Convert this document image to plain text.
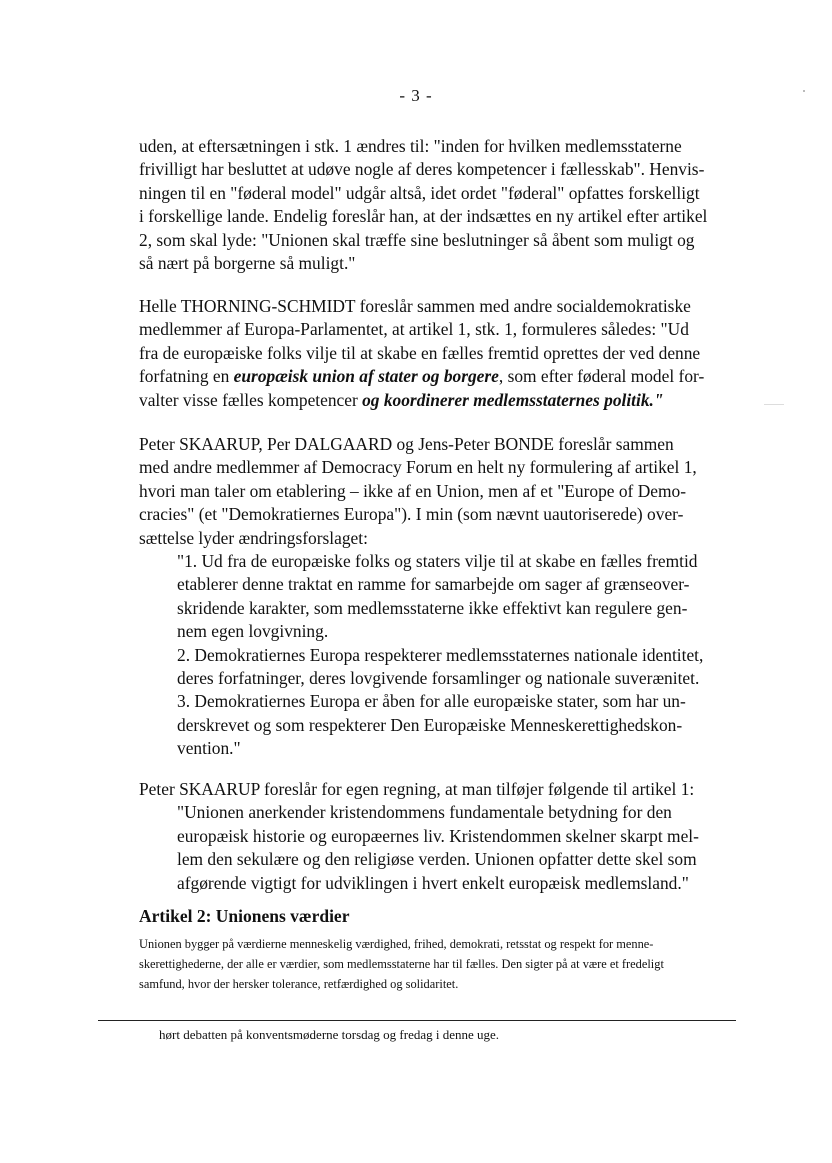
- 3 -

uden, at eftersætningen i stk. 1 ændres til: "inden for hvilken medlemsstaterne

frivilligt har besluttet at udøve nogle af deres kompetencer i fællesskab". Henvis-

ningen til en "føderal model" udgår altså, idet ordet "føderal" opfattes forskelligt

i forskellige lande. Endelig foreslår han, at der indsættes en ny artikel efter artikel

2, som skal lyde: "Unionen skal træffe sine beslutninger så åbent som muligt og

så nært på borgerne så muligt."

Helle THORNING-SCHMIDT foreslår sammen med andre socialdemokratiske

medlemmer af Europa-Parlamentet, at artikel 1, stk. 1, formuleres således: "Ud

fra de europæiske folks vilje til at skabe en fælles fremtid oprettes der ved denne

forfatning en europæisk union af stater og borgere, som efter føderal model for-

valter visse fælles kompetencer og koordinerer medlemsstaternes politik."

Peter SKAARUP, Per DALGAARD og Jens-Peter BONDE foreslår sammen

med andre medlemmer af Democracy Forum en helt ny formulering af artikel 1,

hvori man taler om etablering – ikke af en Union, men af et "Europe of Demo-

cracies" (et "Demokratiernes Europa"). I min (som nævnt uautoriserede) over-

sættelse lyder ændringsforslaget:

"1. Ud fra de europæiske folks og staters vilje til at skabe en fælles fremtid

etablerer denne traktat en ramme for samarbejde om sager af grænseover-

skridende karakter, som medlemsstaterne ikke effektivt kan regulere gen-

nem egen lovgivning.

2. Demokratiernes Europa respekterer medlemsstaternes nationale identitet,

deres forfatninger, deres lovgivende forsamlinger og nationale suverænitet.

3. Demokratiernes Europa er åben for alle europæiske stater, som har un-

derskrevet og som respekterer Den Europæiske Menneskerettighedskon-

vention."

Peter SKAARUP foreslår for egen regning, at man tilføjer følgende til artikel 1:

"Unionen anerkender kristendommens fundamentale betydning for den

europæisk historie og europæernes liv. Kristendommen skelner skarpt mel-

lem den sekulære og den religiøse verden. Unionen opfatter dette skel som

afgørende vigtigt for udviklingen i hvert enkelt europæisk medlemsland."

Artikel 2: Unionens værdier
Unionen bygger på værdierne menneskelig værdighed, frihed, demokrati, retsstat og respekt for menne-
skerettighederne, der alle er værdier, som medlemsstaterne har til fælles. Den sigter på at være et fredeligt
samfund, hvor der hersker tolerance, retfærdighed og solidaritet.

hørt debatten på konventsmøderne torsdag og fredag i denne uge.
